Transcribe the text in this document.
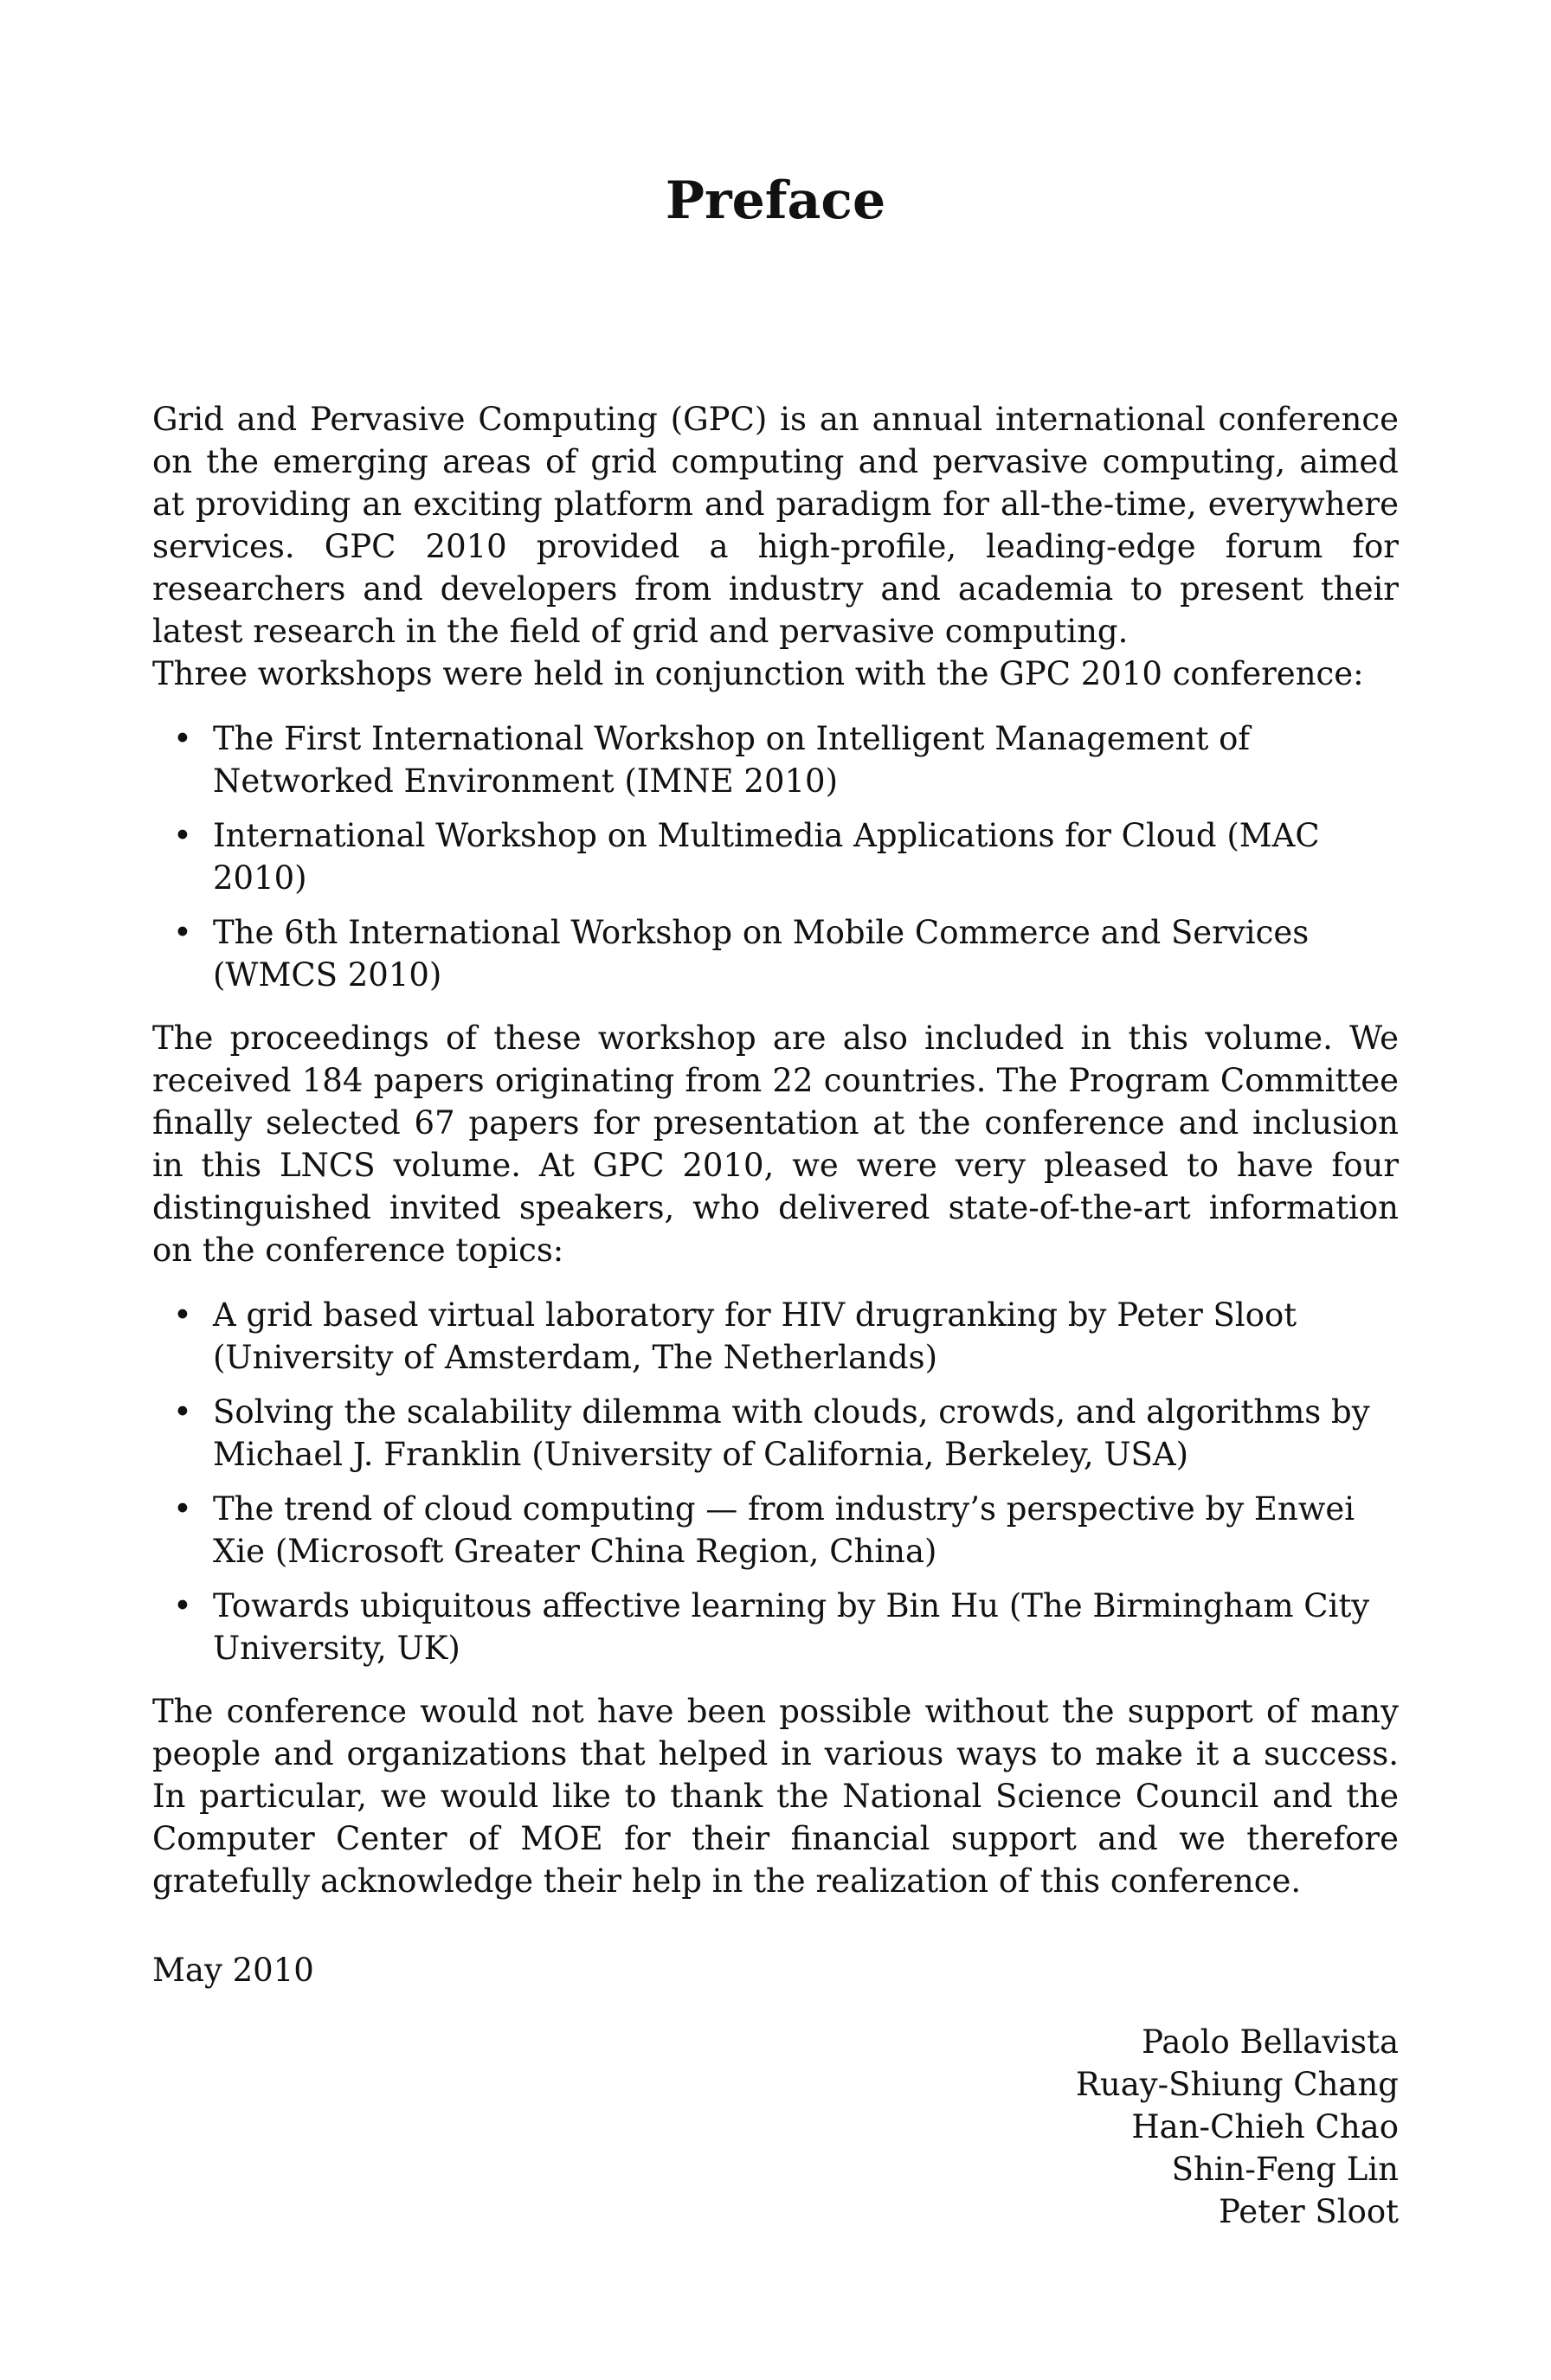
Preface

Grid and Pervasive Computing (GPC) is an annual international conference on the emerging areas of grid computing and pervasive computing, aimed at providing an exciting platform and paradigm for all-the-time, everywhere services. GPC 2010 provided a high-profile, leading-edge forum for researchers and developers from industry and academia to present their latest research in the field of grid and pervasive computing.

Three workshops were held in conjunction with the GPC 2010 conference:

• The First International Workshop on Intelligent Management of Networked Environment (IMNE 2010)
• International Workshop on Multimedia Applications for Cloud (MAC 2010)
• The 6th International Workshop on Mobile Commerce and Services (WMCS 2010)

The proceedings of these workshop are also included in this volume. We received 184 papers originating from 22 countries. The Program Committee finally selected 67 papers for presentation at the conference and inclusion in this LNCS volume. At GPC 2010, we were very pleased to have four distinguished invited speakers, who delivered state-of-the-art information on the conference topics:

• A grid based virtual laboratory for HIV drugranking by Peter Sloot (University of Amsterdam, The Netherlands)
• Solving the scalability dilemma with clouds, crowds, and algorithms by Michael J. Franklin (University of California, Berkeley, USA)
• The trend of cloud computing — from industry’s perspective by Enwei Xie (Microsoft Greater China Region, China)
• Towards ubiquitous affective learning by Bin Hu (The Birmingham City University, UK)

The conference would not have been possible without the support of many people and organizations that helped in various ways to make it a success. In particular, we would like to thank the National Science Council and the Computer Center of MOE for their financial support and we therefore gratefully acknowledge their help in the realization of this conference.

May 2010
Paolo Bellavista
Ruay-Shiung Chang
Han-Chieh Chao
Shin-Feng Lin
Peter Sloot
